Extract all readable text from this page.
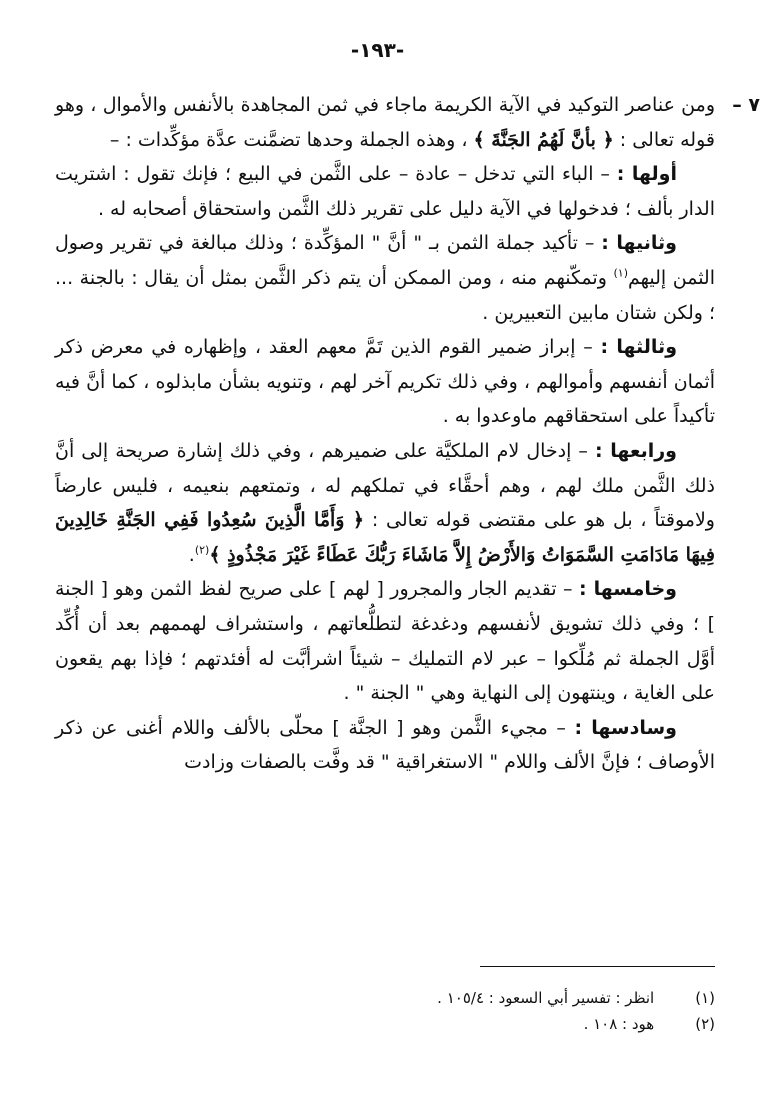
-١٩٣-
٧ –
ومن عناصر التوكيد في الآية الكريمة ماجاء في ثمن المجاهدة بالأنفس والأموال ، وهو قوله تعالى : ﴿ بأنَّ لَهُمُ الجَنَّةَ ﴾ ، وهذه الجملة وحدها تضمَّنت عدَّة مؤكِّدات : –

أولها : – الباء التي تدخل – عادة – على الثَّمن في البيع ؛ فإنك تقول : اشتريت الدار بألف ؛ فدخولها في الآية دليل على تقرير ذلك الثَّمن واستحقاق أصحابه له .

وثانيها : – تأكيد جملة الثمن بـ " أنَّ " المؤكِّدة ؛ وذلك مبالغة في تقرير وصول الثمن إليهم$^{(١)}$ وتمكّنهم منه ، ومن الممكن أن يتم ذكر الثَّمن بمثل أن يقال : بالجنة ... ؛ ولكن شتان مابين التعبيرين .

وثالثها : – إبراز ضمير القوم الذين تَمَّ معهم العقد ، وإظهاره في معرض ذكر أثمان أنفسهم وأموالهم ، وفي ذلك تكريم آخر لهم ، وتنويه بشأن مابذلوه ، كما أنَّ فيه تأكيداً على استحقاقهم ماوعدوا به .

ورابعها : – إدخال لام الملكيَّة على ضميرهم ، وفي ذلك إشارة صريحة إلى أنَّ ذلك الثَّمن ملك لهم ، وهم أحقَّاء في تملكهم له ، وتمتعهم بنعيمه ، فليس عارضاً ولاموقتاً ، بل هو على مقتضى قوله تعالى : ﴿ وَأَمَّا الَّذِينَ سُعِدُوا فَفِي الجَنَّةِ خَالِدِينَ فِيهَا مَادَامَتِ السَّمَوَاتُ وَالأَرْضُ إِلاَّ مَاشَاءَ رَبُّكَ عَطَاءً غَيْرَ مَجْذُوذٍ ﴾$^{(٢)}$.

وخامسها : – تقديم الجار والمجرور [ لهم ] على صريح لفظ الثمن وهو [ الجنة ] ؛ وفي ذلك تشويق لأنفسهم ودغدغة لتطلُّعاتهم ، واستشراف لهممهم بعد أن أُكِّد أوَّل الجملة ثم مُلِّكوا – عبر لام التمليك – شيئاً اشرأبَّت له أفئدتهم ؛ فإذا بهم يقعون على الغاية ، وينتهون إلى النهاية وهي " الجنة " .

وسادسها : – مجيء الثَّمن وهو [ الجنَّة ] محلّى بالألف واللام أغنى عن ذكر الأوصاف ؛ فإنَّ الألف واللام " الاستغراقية " قد وفَّت بالصفات وزادت

(١) انظر : تفسير أبي السعود : ١٠٥/٤ .
(٢) هود : ١٠٨ .
